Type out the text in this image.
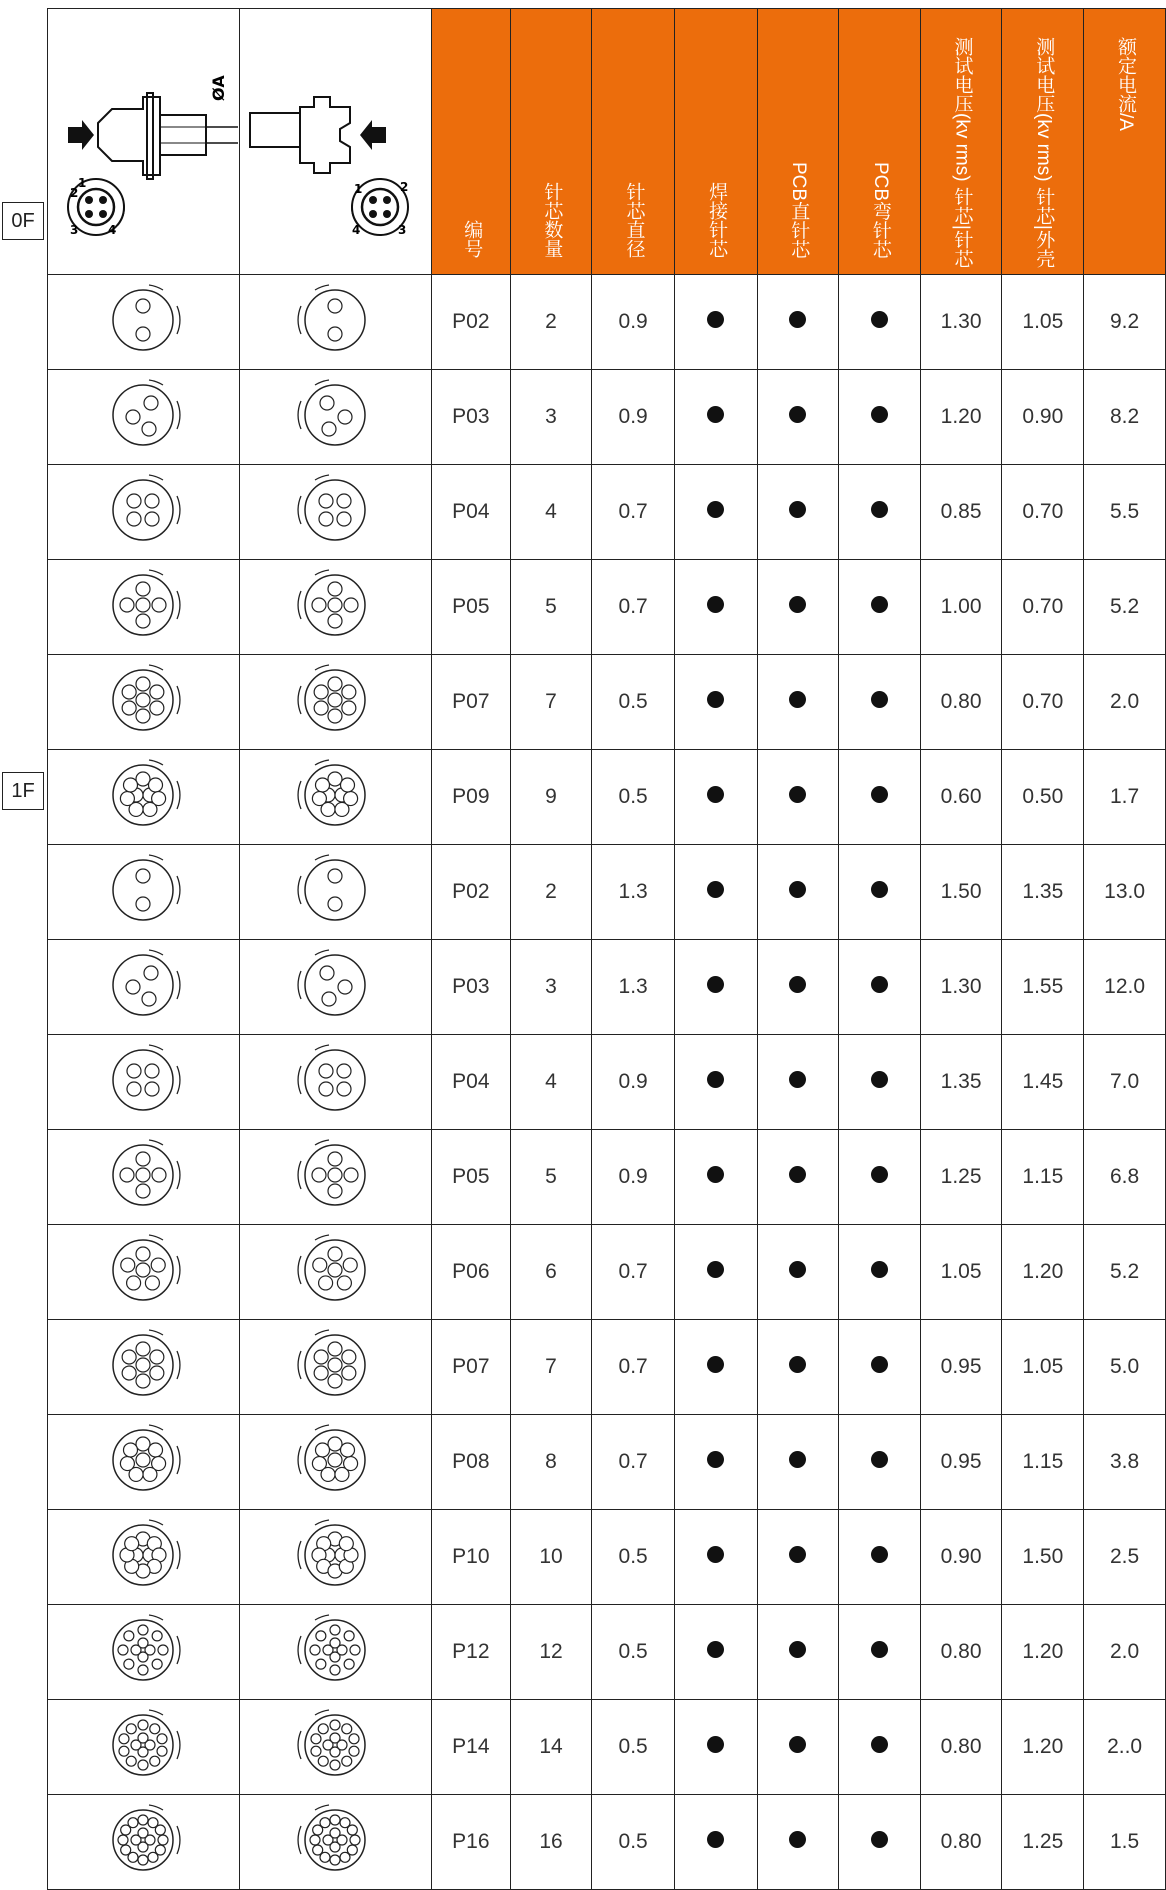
0F
1F
ØA
2
3 4
1	1 2
3
4	编号	针芯数量	针芯直径	焊接针芯	PCB直针芯	PCB弯针芯	测试电压(kv rms) 针芯|针芯	测试电压(kv rms) 针芯|外壳	额定电流/A
		P02	2	0.9				1.30	1.05	9.2
		P03	3	0.9				1.20	0.90	8.2
		P04	4	0.7				0.85	0.70	5.5
		P05	5	0.7				1.00	0.70	5.2
		P07	7	0.5				0.80	0.70	2.0
		P09	9	0.5				0.60	0.50	1.7
		P02	2	1.3				1.50	1.35	13.0
		P03	3	1.3				1.30	1.55	12.0
		P04	4	0.9				1.35	1.45	7.0
		P05	5	0.9				1.25	1.15	6.8
		P06	6	0.7				1.05	1.20	5.2
		P07	7	0.7				0.95	1.05	5.0
		P08	8	0.7				0.95	1.15	3.8
		P10	10	0.5				0.90	1.50	2.5
		P12	12	0.5				0.80	1.20	2.0
		P14	14	0.5				0.80	1.20	2..0
		P16	16	0.5				0.80	1.25	1.5
